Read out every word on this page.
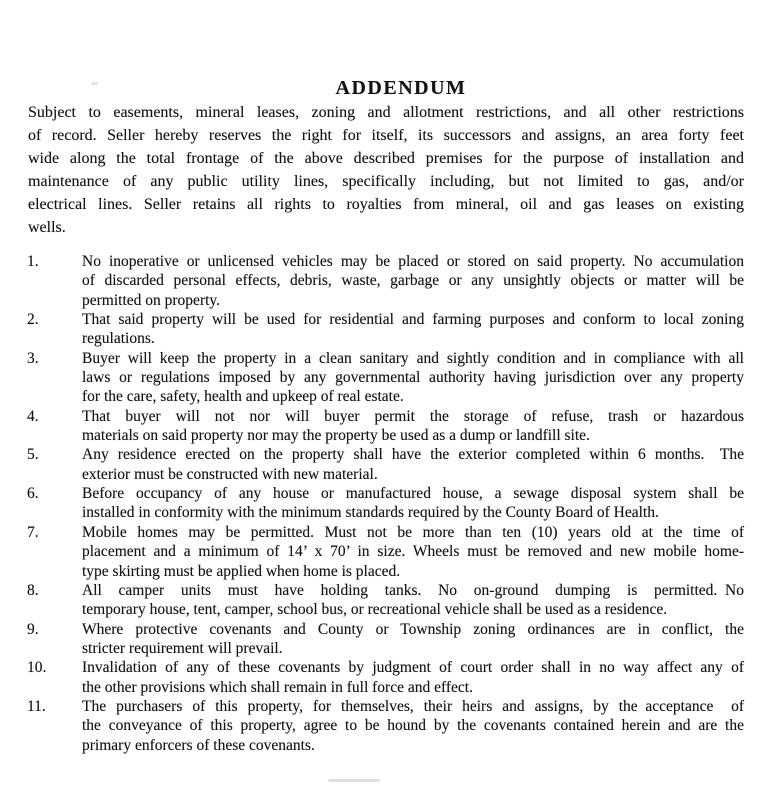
ADDENDUM
Subject to easements, mineral leases, zoning and allotment restrictions, and all other restrictions
of record. Seller hereby reserves the right for itself, its successors and assigns, an area forty feet
wide along the total frontage of the above described premises for the purpose of installation and
maintenance of any public utility lines, specifically including, but not limited to gas, and/or
electrical lines. Seller retains all rights to royalties from mineral, oil and gas leases on existing
wells.
1.	No inoperative or unlicensed vehicles may be placed or stored on said property. No accumulation
of discarded personal effects, debris, waste, garbage or any unsightly objects or matter will be
permitted on property.
2.	That said property will be used for residential and farming purposes and conform to local zoning
regulations.
3.	Buyer will keep the property in a clean sanitary and sightly condition and in compliance with all
laws or regulations imposed by any governmental authority having jurisdiction over any property
for the care, safety, health and upkeep of real estate.
4.	That buyer will not nor will buyer permit the storage of refuse, trash or hazardous
materials on said property nor may the property be used as a dump or landfill site.
5.	Any residence erected on the property shall have the exterior completed within 6 months. The
exterior must be constructed with new material.
6.	Before occupancy of any house or manufactured house, a sewage disposal system shall be
installed in conformity with the minimum standards required by the County Board of Health.
7.	Mobile homes may be permitted. Must not be more than ten (10) years old at the time of
placement and a minimum of 14’ x 70’ in size. Wheels must be removed and new mobile home-
type skirting must be applied when home is placed.
8.	All camper units must have holding tanks. No on-ground dumping is permitted. No
temporary house, tent, camper, school bus, or recreational vehicle shall be used as a residence.
9.	Where protective covenants and County or Township zoning ordinances are in conflict, the
stricter requirement will prevail.
10. Invalidation of any of these covenants by judgment of court order shall in no way affect any of
the other provisions which shall remain in full force and effect.
11. The purchasers of this property, for themselves, their heirs and assigns, by the acceptance  of
the conveyance of this property, agree to be hound by the covenants contained herein and are the
primary enforcers of these covenants.
